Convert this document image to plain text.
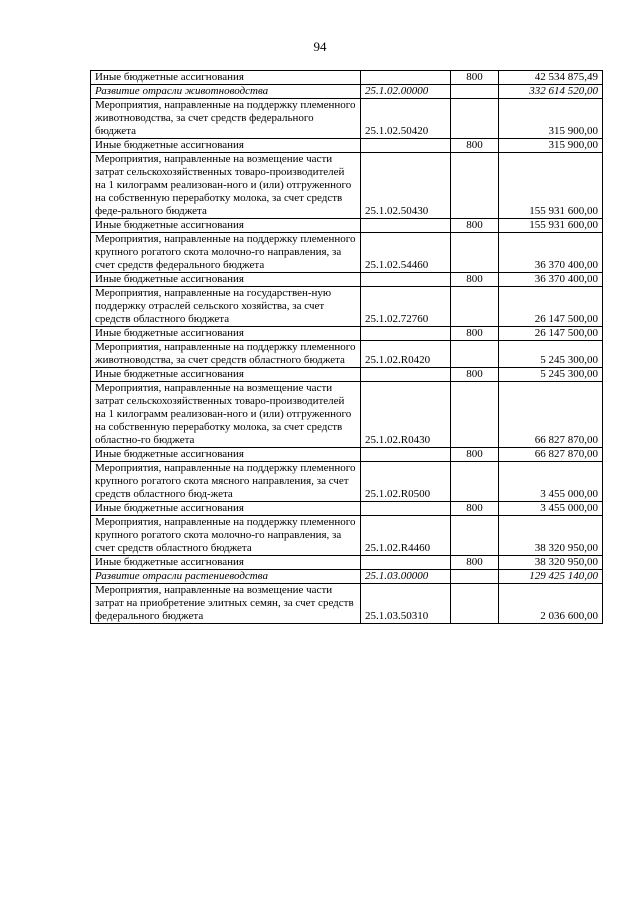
94
Иные бюджетные ассигнования		800	42 534 875,49
Развитие отрасли животноводства	25.1.02.00000		332 614 520,00
Мероприятия, направленные на поддержку племенного животноводства, за счет средств федерального бюджета	25.1.02.50420		315 900,00
Иные бюджетные ассигнования		800	315 900,00
Мероприятия, направленные на возмещение части затрат сельскохозяйственных товаро-производителей на 1 килограмм реализован-ного и (или) отгруженного на собственную переработку молока, за счет средств феде-рального бюджета	25.1.02.50430		155 931 600,00
Иные бюджетные ассигнования		800	155 931 600,00
Мероприятия, направленные на поддержку племенного крупного рогатого скота молочно-го направления, за счет средств федерального бюджета	25.1.02.54460		36 370 400,00
Иные бюджетные ассигнования		800	36 370 400,00
Мероприятия, направленные на государствен-ную поддержку отраслей сельского хозяйства, за счет средств областного бюджета	25.1.02.72760		26 147 500,00
Иные бюджетные ассигнования		800	26 147 500,00
Мероприятия, направленные на поддержку племенного животноводства, за счет средств областного бюджета	25.1.02.R0420		5 245 300,00
Иные бюджетные ассигнования		800	5 245 300,00
Мероприятия, направленные на возмещение части затрат сельскохозяйственных товаро-производителей на 1 килограмм реализован-ного и (или) отгруженного на собственную переработку молока, за счет средств областно-го бюджета	25.1.02.R0430		66 827 870,00
Иные бюджетные ассигнования		800	66 827 870,00
Мероприятия, направленные на поддержку племенного крупного рогатого скота мясного направления, за счет средств областного бюд-жета	25.1.02.R0500		3 455 000,00
Иные бюджетные ассигнования		800	3 455 000,00
Мероприятия, направленные на поддержку племенного крупного рогатого скота молочно-го направления, за счет средств областного бюджета	25.1.02.R4460		38 320 950,00
Иные бюджетные ассигнования		800	38 320 950,00
Развитие отрасли растениеводства	25.1.03.00000		129 425 140,00
Мероприятия, направленные на возмещение части затрат на приобретение элитных семян, за счет средств федерального бюджета	25.1.03.50310		2 036 600,00
